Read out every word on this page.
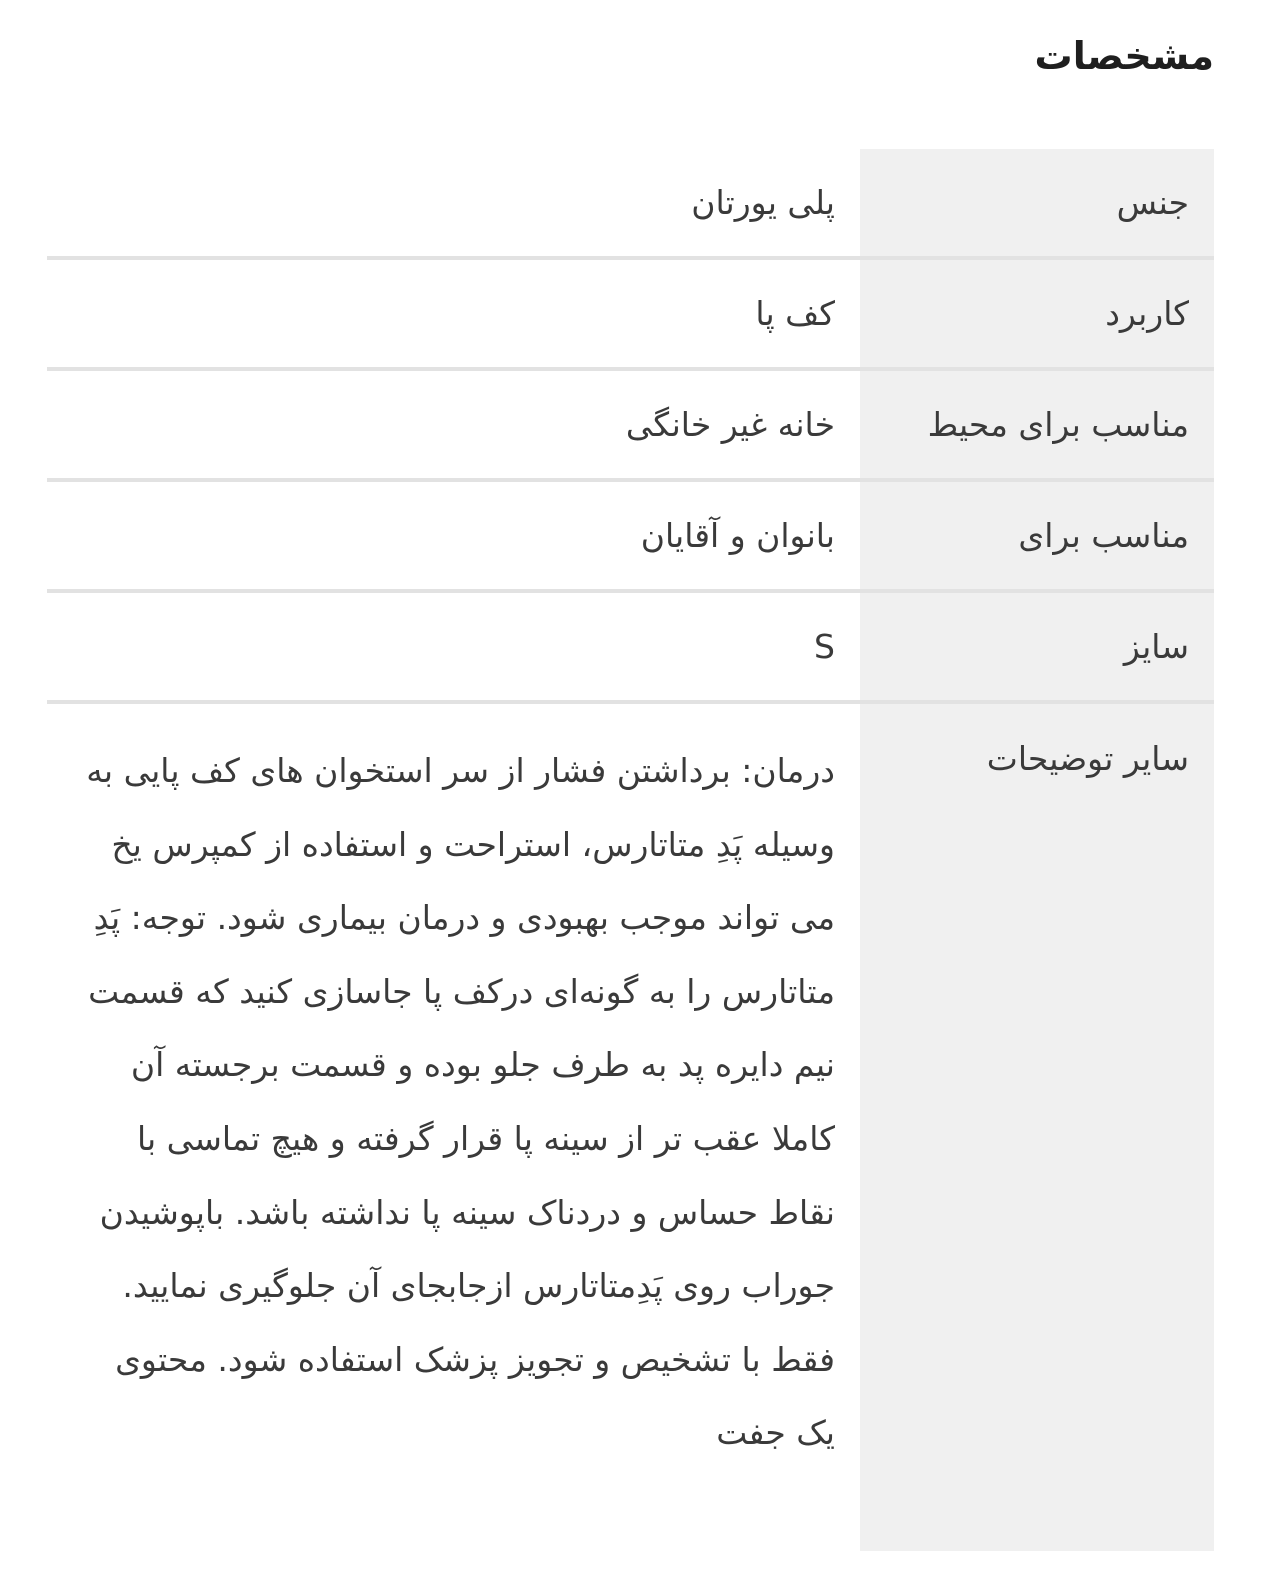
مشخصات
جنس
پلی یورتان
کاربرد
کف پا
مناسب برای محیط
خانه غیر خانگی
مناسب برای
بانوان و آقایان
سایز
S
سایر توضیحات
درمان: برداشتن فشار از سر استخوان های کف پایی به وسیله پَدِ متاتارس، استراحت و استفاده از کمپرس یخ می تواند موجب بهبودی و درمان بیماری شود. توجه: پَدِ متاتارس را به گونه‌ای درکف پا جاسازی کنید که قسمت نیم دایره پد به طرف جلو بوده و قسمت برجسته آن کاملا عقب تر از سینه پا قرار گرفته و هیچ تماسی با نقاط حساس و دردناک سینه پا نداشته باشد. باپوشیدن جوراب روی پَدِمتاتارس ازجابجای آن جلوگیری نمایید. فقط با تشخیص و تجویز پزشک استفاده شود. محتوی یک جفت
